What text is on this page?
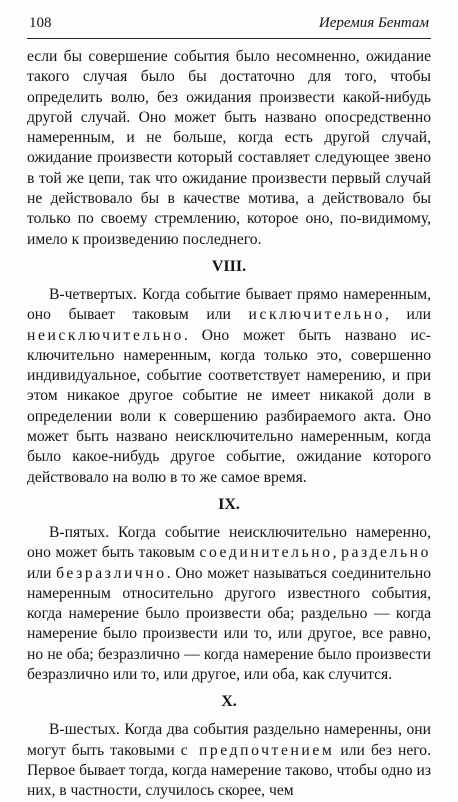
108	Иеремия Бентам

если бы совершение события было несомненно, ожидание такого случая было бы достаточно для того, чтобы определить волю, без ожидания произвести какой-нибудь другой случай. Оно может быть названо опосредственно намеренным, и не больше, когда есть другой случай, ожидание произвести который составляет следующее звено в той же цепи, так что ожидание произвести первый случай не действовало бы в качестве мотива, а действовало бы только по своему стремлению, которое оно, по-видимому, имело к произведению последнего.

VIII.

В-четвертых. Когда событие бывает прямо намеренным, оно бывает таковым или исключительно, или неисключительно. Оно может быть названо исключительно намеренным, когда только это, совершенно индивидуальное, событие соответствует намерению, и при этом никакое другое событие не имеет никакой доли в определении воли к совершению разбираемого акта. Оно может быть названо неисключительно намеренным, когда было какое-нибудь другое событие, ожидание которого действовало на волю в то же самое время.

IX.

В-пятых. Когда событие неисключительно намеренно, оно может быть таковым соединительно, раздельно или безразлично. Оно может называться соединительно намеренным относительно другого известного события, когда намерение было произвести оба; раздельно — когда намерение было произвести или то, или другое, все равно, но не оба; безразлично — когда намерение было произвести безразлично или то, или другое, или оба, как случится.

X.

В-шестых. Когда два события раздельно намеренны, они могут быть таковыми с предпочтением или без него. Первое бывает тогда, когда намерение таково, чтобы одно из них, в частности, случилось скорее, чем
